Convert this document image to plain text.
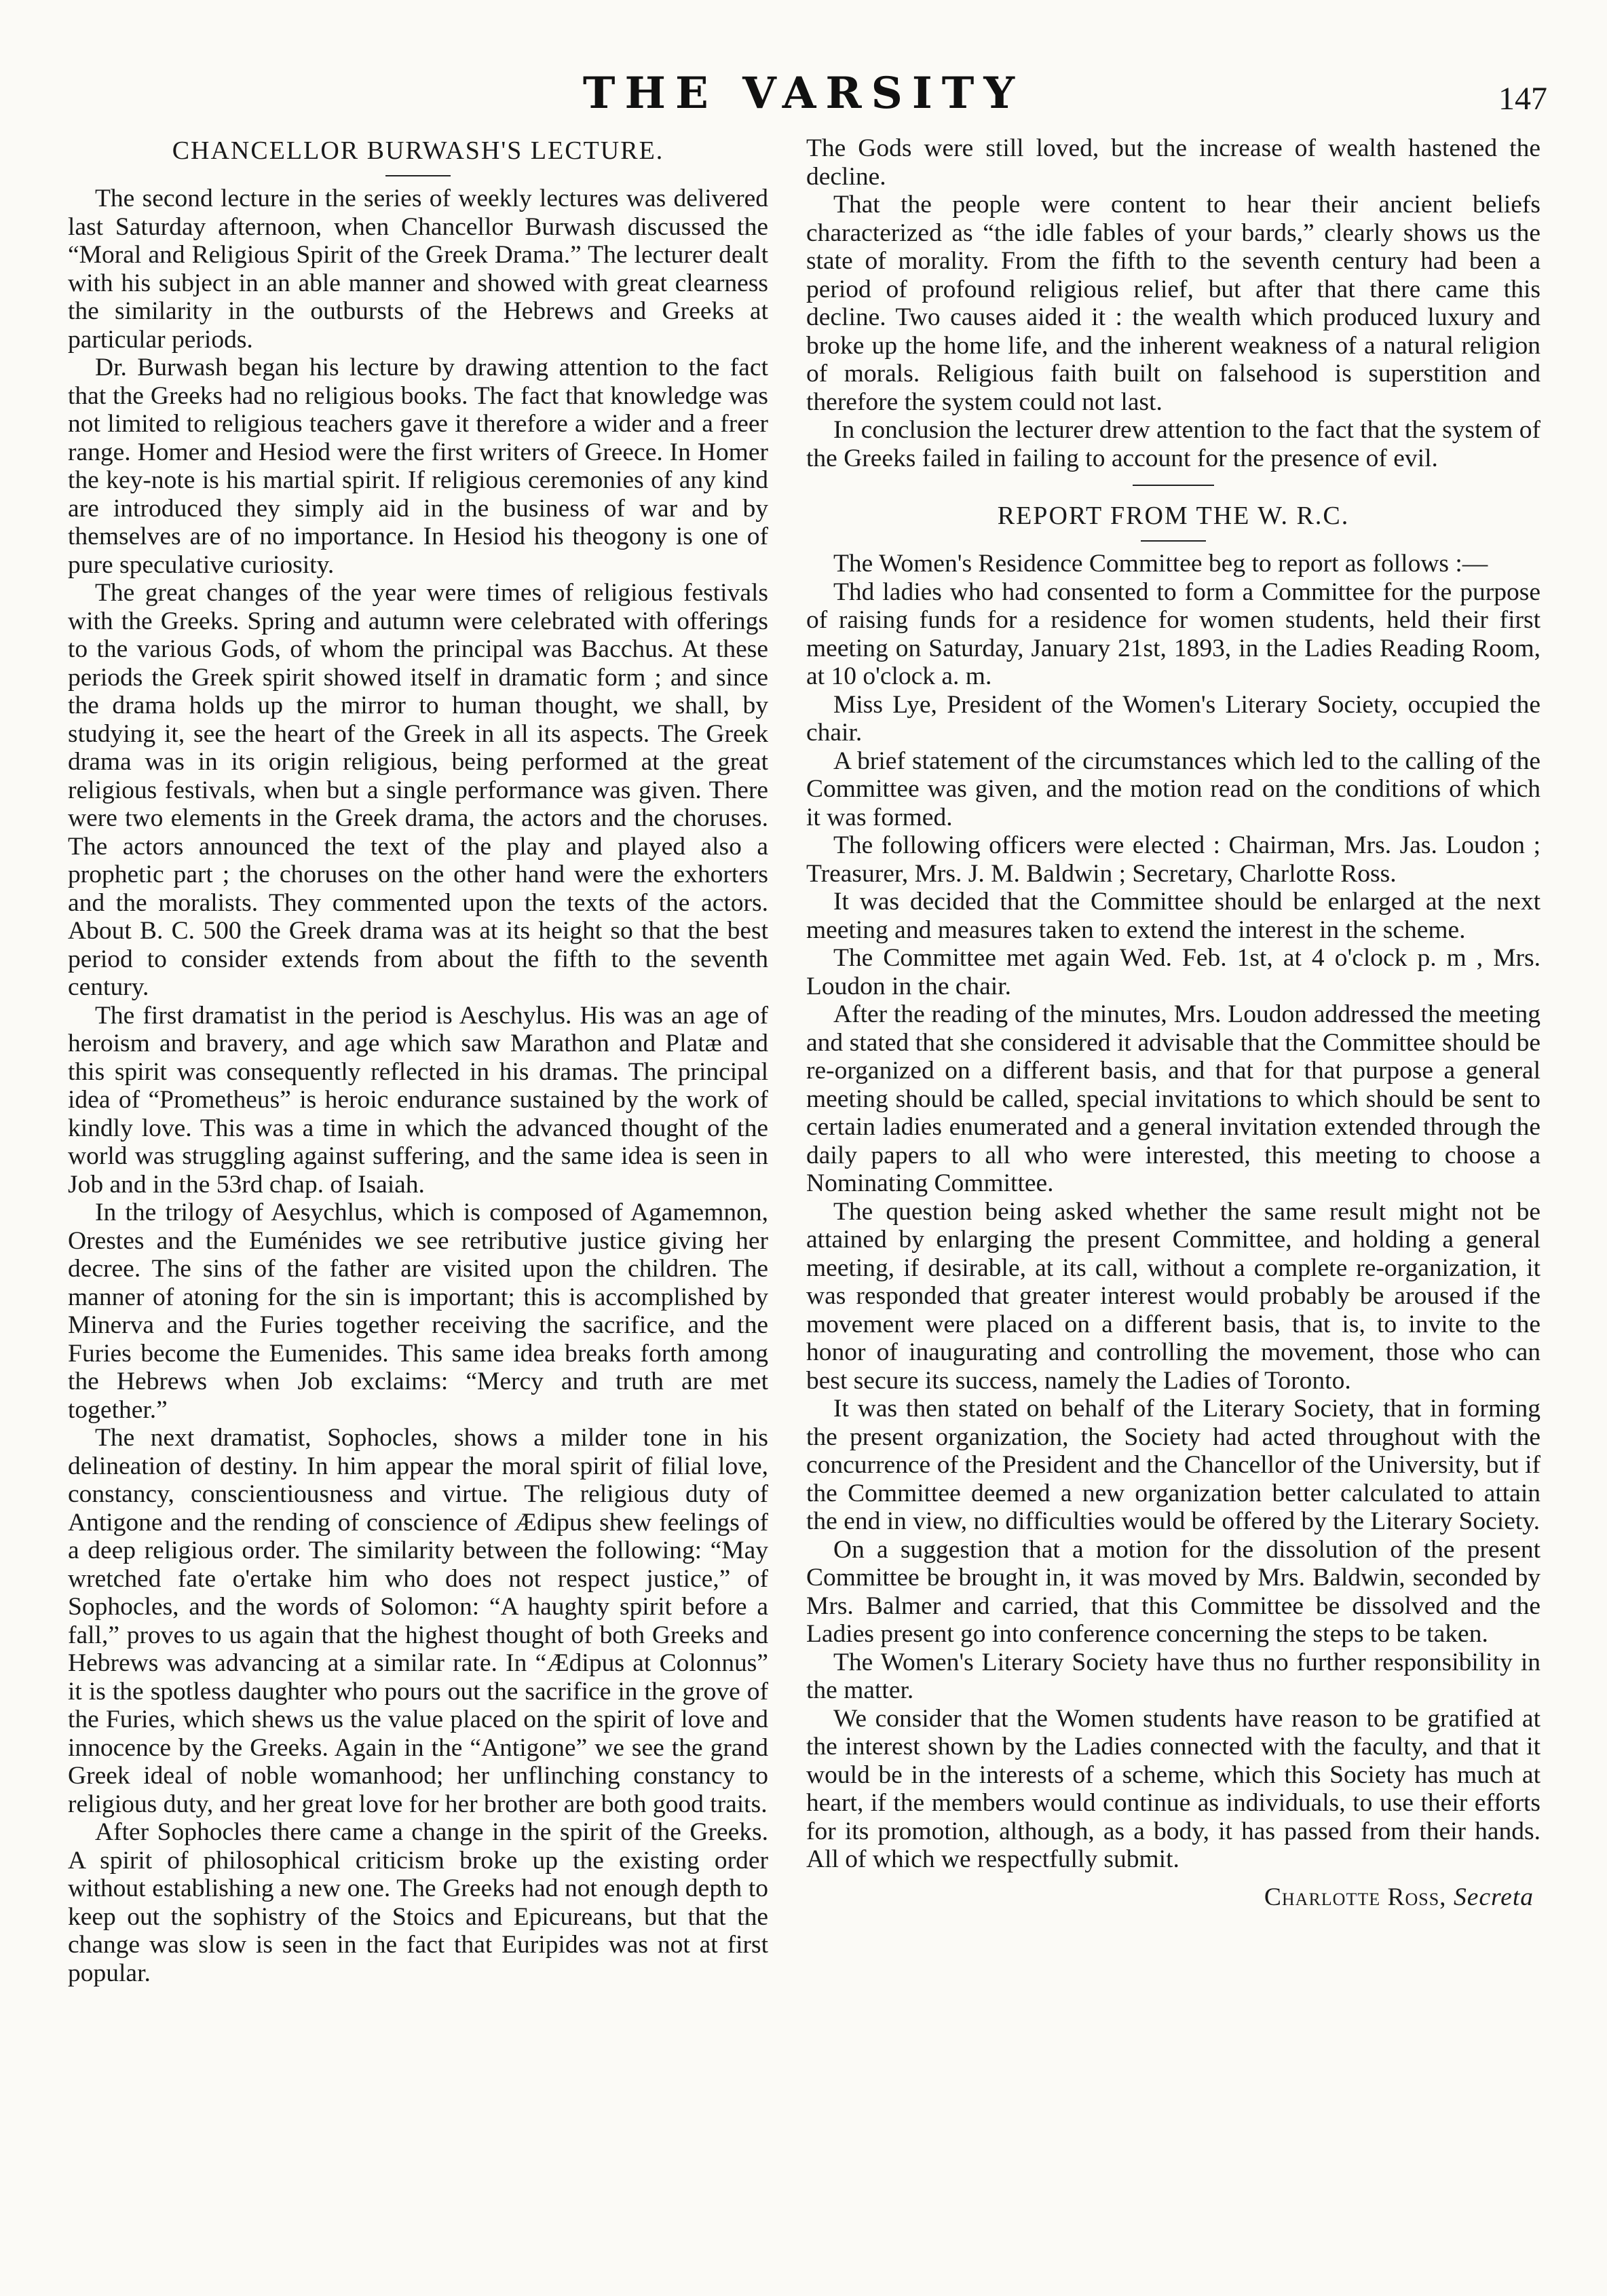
THE VARSITY	147
CHANCELLOR BURWASH'S LECTURE.

The second lecture in the series of weekly lectures was delivered last Saturday afternoon, when Chancellor Burwash discussed the “Moral and Religious Spirit of the Greek Drama.” The lecturer dealt with his subject in an able manner and showed with great clearness the similarity in the outbursts of the Hebrews and Greeks at particular periods.

Dr. Burwash began his lecture by drawing attention to the fact that the Greeks had no religious books. The fact that knowledge was not limited to religious teachers gave it therefore a wider and a freer range. Homer and Hesiod were the first writers of Greece. In Homer the key-note is his martial spirit. If religious ceremonies of any kind are introduced they simply aid in the business of war and by themselves are of no importance. In Hesiod his theogony is one of pure speculative curiosity.

The great changes of the year were times of religious festivals with the Greeks. Spring and autumn were celebrated with offerings to the various Gods, of whom the principal was Bacchus. At these periods the Greek spirit showed itself in dramatic form ; and since the drama holds up the mirror to human thought, we shall, by studying it, see the heart of the Greek in all its aspects. The Greek drama was in its origin religious, being performed at the great religious festivals, when but a single performance was given. There were two elements in the Greek drama, the actors and the choruses. The actors announced the text of the play and played also a prophetic part ; the choruses on the other hand were the exhorters and the moralists. They commented upon the texts of the actors. About B. C. 500 the Greek drama was at its height so that the best period to consider extends from about the fifth to the seventh century.

The first dramatist in the period is Aeschylus. His was an age of heroism and bravery, and age which saw Marathon and Platæ and this spirit was consequently reflected in his dramas. The principal idea of “Prometheus” is heroic endurance sustained by the work of kindly love. This was a time in which the advanced thought of the world was struggling against suffering, and the same idea is seen in Job and in the 53rd chap. of Isaiah.

In the trilogy of Aesychlus, which is composed of Agamemnon, Orestes and the Euménides we see retributive justice giving her decree. The sins of the father are visited upon the children. The manner of atoning for the sin is important; this is accomplished by Minerva and the Furies together receiving the sacrifice, and the Furies become the Eumenides. This same idea breaks forth among the Hebrews when Job exclaims: “Mercy and truth are met together.”

The next dramatist, Sophocles, shows a milder tone in his delineation of destiny. In him appear the moral spirit of filial love, constancy, conscientiousness and virtue. The religious duty of Antigone and the rending of conscience of Ædipus shew feelings of a deep religious order. The similarity between the following: “May wretched fate o'ertake him who does not respect justice,” of Sophocles, and the words of Solomon: “A haughty spirit before a fall,” proves to us again that the highest thought of both Greeks and Hebrews was advancing at a similar rate. In “Ædipus at Colonnus” it is the spotless daughter who pours out the sacrifice in the grove of the Furies, which shews us the value placed on the spirit of love and innocence by the Greeks. Again in the “Antigone” we see the grand Greek ideal of noble womanhood; her unflinching constancy to religious duty, and her great love for her brother are both good traits.

After Sophocles there came a change in the spirit of the Greeks. A spirit of philosophical criticism broke up the existing order without establishing a new one. The Greeks had not enough depth to keep out the sophistry of the Stoics and Epicureans, but that the change was slow is seen in the fact that Euripides was not at first popular.

The Gods were still loved, but the increase of wealth hastened the decline.

That the people were content to hear their ancient beliefs characterized as “the idle fables of your bards,” clearly shows us the state of morality. From the fifth to the seventh century had been a period of profound religious relief, but after that there came this decline. Two causes aided it : the wealth which produced luxury and broke up the home life, and the inherent weakness of a natural religion of morals. Religious faith built on falsehood is superstition and therefore the system could not last.

In conclusion the lecturer drew attention to the fact that the system of the Greeks failed in failing to account for the presence of evil.

REPORT FROM THE W. R.C.

The Women's Residence Committee beg to report as follows :—

Thd ladies who had consented to form a Committee for the purpose of raising funds for a residence for women students, held their first meeting on Saturday, January 21st, 1893, in the Ladies Reading Room, at 10 o'clock a. m.

Miss Lye, President of the Women's Literary Society, occupied the chair.

A brief statement of the circumstances which led to the calling of the Committee was given, and the motion read on the conditions of which it was formed.

The following officers were elected : Chairman, Mrs. Jas. Loudon ; Treasurer, Mrs. J. M. Baldwin ; Secretary, Charlotte Ross.

It was decided that the Committee should be enlarged at the next meeting and measures taken to extend the interest in the scheme.

The Committee met again Wed. Feb. 1st, at 4 o'clock p. m , Mrs. Loudon in the chair.

After the reading of the minutes, Mrs. Loudon addressed the meeting and stated that she considered it advisable that the Committee should be re-organized on a different basis, and that for that purpose a general meeting should be called, special invitations to which should be sent to certain ladies enumerated and a general invitation extended through the daily papers to all who were interested, this meeting to choose a Nominating Committee.

The question being asked whether the same result might not be attained by enlarging the present Committee, and holding a general meeting, if desirable, at its call, without a complete re-organization, it was responded that greater interest would probably be aroused if the movement were placed on a different basis, that is, to invite to the honor of inaugurating and controlling the movement, those who can best secure its success, namely the Ladies of Toronto.

It was then stated on behalf of the Literary Society, that in forming the present organization, the Society had acted throughout with the concurrence of the President and the Chancellor of the University, but if the Committee deemed a new organization better calculated to attain the end in view, no difficulties would be offered by the Literary Society.

On a suggestion that a motion for the dissolution of the present Committee be brought in, it was moved by Mrs. Baldwin, seconded by Mrs. Balmer and carried, that this Committee be dissolved and the Ladies present go into conference concerning the steps to be taken.

The Women's Literary Society have thus no further responsibility in the matter.

We consider that the Women students have reason to be gratified at the interest shown by the Ladies connected with the faculty, and that it would be in the interests of a scheme, which this Society has much at heart, if the members would continue as individuals, to use their efforts for its promotion, although, as a body, it has passed from their hands. All of which we respectfully submit.

Charlotte Ross, Secreta
